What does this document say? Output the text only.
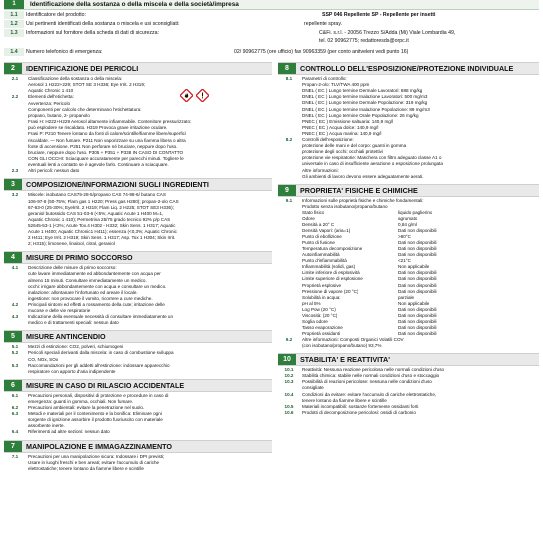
1	Identificazione della sostanza o della miscela e della società/impresa
1.1	Identificatore del prodotto:	SSP 046 Repellente SP - Repellente per insetti
1.2	Usi pertinenti identificati della sostanza o miscela e usi sconsigliati:	repellente spray.
1.3	Informazioni sul fornitore della scheda di dati di sicurezza:	C&Fi. s.r.l. - 20056 Trezzo S/Adda (Mi) Viale Lombardia 49,
tel. 02 90962775; redattoresds@orpc.it
1.4	Numero telefonico di emergenza:	02/ 90962775 (ore ufficio) fax 90963359 (per conto anitveleni vedi punto 16)
2	IDENTIFICAZIONE DEI PERICOLI
2.1	Classificazione della sostanza o della miscela:
Aerosol 1 H222+229; STOT SE 3 H336; Eye Irrit. 2 H319;
Aquatic Chronic 1 410
2.2	Elementi dell'etichetta:
Avvertenza: Pericolo
Componenti per calcolo che determinano l'etichettatura:
propano, butano, 2- propanolo
Frasi H: H222+H229 Aerosol altamente infiammabile. Contenitore pressurizzato:
può esplodere se riscaldato. H319 Provoca grave irritazione oculare.
Frasi P: P210 Tenere lontano da fonti di calore/scintille/fiamme libere/superfici
riscaldate. — Non fumare. P211 Non vaporizzare su una fiamma libera o altra
fonte di accensione. P251 Non perforare né bruciare, neppure dopo l'uso.
bruciare, neppure dopo l'uso. P305 + P351 + P338 IN CASO DI CONTATTO
CON GLI OCCHI: Sciacquare accuratamente per parecchi minuti. Togliere le
eventuali lenti a contatto se è agevole farlo. Continuare a sciacquare.
2.3	Altri pericoli: nessun dato
3	COMPOSIZIONE/INFORMAZIONI SUGLI INGREDIENTI
3.2	Miscele: isobutano CAS75-28-5/propano CAS 74-98-6/ butano CAS
106-97-8 (50-75%; Flam gas 1 H220; Press gas H280); propan-2-olo CAS
67-63-0 (25-30%; Eyelrrit. 2 H319; Flam Liq. 2 H225; STOT SE3 H336);
geraniol butossido CAS 51-03-6 (<5%; Aquatic Acute 1 H400 M=1,
Aquatic Chronic 1 410); Permetrina 25/75 grado tecnico 92% p/p CAS
52645-53-1 (<2%; Acute Tox.4 H302 - H332; Skin Sens. 1 H317; Aquatic
Acute 1 H400; Aquatic Chronic1 H411); essenza (<0,3%; Aquatic Chronic
2 H411; Eye Irrit. 2 H319; Skin Sens. 1 H317; Asp. Tox 1 H304; Skin Irrit.
2; H315); limonene, linalool, citral, geraniol
4	MISURE DI PRIMO SOCCORSO
4.1	Descrizione delle misure di primo soccorso:
cute lavare immediatamente ed abbondantemente con acqua per
almeno 15 minuti. Consultare immediatamente un medico.
occhi: irrigare abbondantemente con acqua e consultare un medico.
inalazione: allontanare l'infortunato ed areare il locale.
ingestione: non provocare il vomito, ricorrere a cure mediche.
4.2	Principali sintomi ed effetti a rossamento della cute; irritazione delle
mucose e delle vie respiratorie
4.3	Indicazione della eventuale necessità di consultare immediatamente un
medico e di trattamenti speciali: nessun dato
5	MISURE ANTINCENDIO
5.1	Mezzi di estinzione: CO2, polveri, schiumogeni
5.2	Pericoli speciali derivanti dalla miscela: in caso di combustione sviluppa
CO, NOx, SOx
5.3	Raccomandazioni per gli addetti all'estinzione: indossare apparecchio
respiratore con apporto d'aria indipendente
6	MISURE IN CASO DI RILASCIO ACCIDENTALE
6.1	Precauzioni personali, dispositivi di protezione e procedure in caso di
emergenza: guanti in gomma, occhiali. Non fumare.
6.2	Precauzioni ambientali: evitare la penetrazione nel suolo.
6.3	Metodi e materiali per il contenimento e la bonifica: Eliminare ogni
sorgente di ignizione assorbire il prodotto fuoriuscito con materiale
assorbente inerte.
6.4	Riferimenti ad altre sezioni: nessun dato
7	MANIPOLAZIONE E IMMAGAZZINAMENTO
7.1	Precauzioni per una manipolazione sicura: Indossare i DPI previsti;
Usare in luoghi freschi e ben areati; evitare l'accumulo di cariche
elettrostatiche; tenere lontano da fiamme libere e scintille
8	CONTROLLO DELL'ESPOSIZIONE/PROTEZIONE INDIVIDUALE
8.1	Parametri di controllo:
Propan-2-olo: TLV/TWA 400 ppm
DNEL ( EC ) Lungo termine Dermale Lavoratori: 888 mg/kg
DNEL ( EC ) Lungo termine Inalazione Lavoratori: 500 mg/m3
DNEL ( EC ) Lungo termine Dermale Popolazione: 319 mg/kg
DNEL ( EC ) Lungo termine Inalazione Popolazione: 89 mg/m3
DNEL ( EC ) Lungo termine Orale Popolazione: 26 mg/kg
PNEC ( EC ) Emissione saltuaria: 140,9 mg/l
PNEC ( EC ) Acqua dolce: 140,9 mg/l
PNEC ( EC ) Acqua marina: 140,9 mg/l
8.2	Controlli dell'esposizione:
protezione delle mani e del corpo: guanti in gomma
protezione degli occhi: occhiali protettivi
protezione vie respiratorie: Maschera con filtro adeguato classe A1 o
universale in caso di insufficiente aerazione o esposizione prolungata
Altre informazioni:
Gli ambienti di lavoro devono essere adeguatamente aerati.
9	PROPRIETA' FISICHE E CHIMICHE
9.1	Informazioni sulle proprietà fisiche e chimiche fondamentali:
Prodotto senza isobutano/propano/butano
Stato fisico	liquido paglierino
Odore	agrumato
Densità a 20° C	0,84 g/ml
Densità Vapori: (aria=1)	Dati non disponibili
Punto di ebollizione	>80°C
Punto di fusione	Dati non disponibili
Temperatura decomposizione	Dati non disponibili
Autoinfiammabilità	Dati non disponibili
Punto d'infiammabilità	<21°C
Infiammabilità (solidi, gas)	Non applicabile
Limite inferiore di esplosività	Dati non disponibili
Limite superiore di esplosione	Dati non disponibili
Proprietà esplosive	Dati non disponibili
Pressione di vapore (20 °C)	Dati non disponibili
Solubilità in acqua:	parziale
pH al 5%	Non applicabile
Log Pow (20 °C)	Dati non disponibili
Viscosità: (20 °C)	Dati non disponibili
Soglia odore	Dati non disponibili
Tasso evaporazione	Dati non disponibili
Proprietà ossidanti	Dati non disponibili
9.2	Altre informazioni: Composti Organici Volatili COV
(con isobutano/propano/butano) 93,7%
10	STABILITA' E REATTIVITA'
10.1	Reattività: Nessuna reazione pericolosa nelle normali condizioni d'uso
10.2	Stabilità chimica: stabile nelle normali condizioni d'uso e stoccaggio
10.3	Possibilità di reazioni pericolose: nessuna nelle condizioni d'uso
consigliate
10.4	Condizioni da evitare: evitare l'accumulo di cariche elettrostatiche,
tenere lontano da fiamme libere e scintille
10.5	Materiali incompatibili: sostanze fortemente ossidanti forti
10.6	Prodotti di decomposizione pericolosi: ossidi di carbonio
